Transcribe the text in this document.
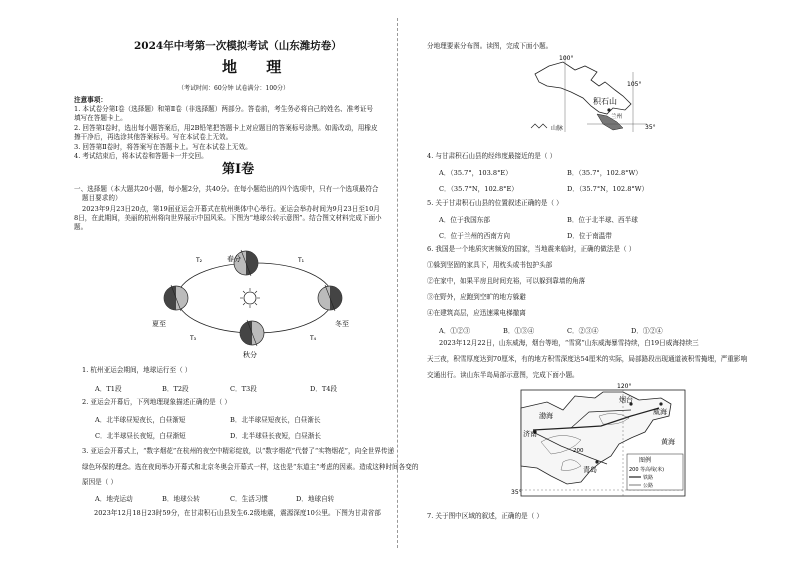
2024年中考第一次模拟考试（山东潍坊卷）
地 理
（考试时间：60分钟 试卷满分：100分）
注意事项：
1. 本试卷分第Ⅰ卷（选择题）和第Ⅱ卷（非选择题）两部分。答卷前，考生务必将自己的姓名、准考证号
填写在答题卡上。
2. 回答第Ⅰ卷时，选出每小题答案后，用2B铅笔把答题卡上对应题目的答案标号涂黑。如需改动，用橡皮
擦干净后，再选涂其他答案标号。写在本试卷上无效。
3. 回答第Ⅱ卷时，将答案写在答题卡上。写在本试卷上无效。
4. 考试结束后，将本试卷和答题卡一并交回。
第Ⅰ卷
一、选择题（本大题共20小题，每小题2分，共40分。在每小题给出的四个选项中，只有一个选项最符合
题目要求的）
2023年9月23日20点，第19届亚运会开幕式在杭州奥体中心举行。亚运会举办时间为9月23日至10月
8日，在此期间，美丽的杭州将向世界展示中国风采。下图为“地球公转示意图”。结合图文材料完成下面小
题。
春分
夏至	冬至
秋分
T₁
T₂
T₃	T₄
1. 杭州亚运会期间，地球运行至（ ）
A．T1段	B．T2段	C．T3段	D．T4段
2. 亚运会开幕后，下列地理现象描述正确的是（ ）
A．北半球昼短夜长，白昼渐短	B．北半球昼短夜长，白昼渐长
C．北半球昼长夜短，白昼渐短	D．北半球昼长夜短，白昼渐长
3. 亚运会开幕式上，“数字烟花”在杭州的夜空中精彩绽放，以“数字烟花”代替了“实物烟花”，向全世界传递
绿色环保的理念。选在夜间举办开幕式和北京冬奥会开幕式一样，这也是“东道主”考虑的因素。造成这种时间各变的
原因是（ ）
A．地壳运动	B．地球公转	C．生活习惯	D．地球自转
2023年12月18日23时59分，在甘肃积石山县发生6.2级地震，震源深度10公里。下图为甘肃省部
分地理要素分布图。读图，完成下面小题。
100°
105°
35°
兰州
积石山
山脉
4. 与甘肃积石山县的经纬度最接近的是（ ）
A．（35.7°，103.8°E）	B．（35.7°，102.8°W）
C．（35.7°N，102.8°E）	D．（35.7°N，102.8°W）
5. 关于甘肃积石山县的位置叙述正确的是（ ）
A．位于我国东部	B．位于北半球、西半球
C．位于兰州的西南方向	D．位于南温带
6. 我国是一个地质灾害频发的国家，当地震来临时，正确的做法是（ ）
①躲到坚固的家具下，用枕头或书包护头部
②在家中，如果平房且时间充裕，可以躲到靠墙的角落
③在野外，应跑到空旷的地方躲避
④在建筑高层，应迅速乘电梯撤离
A．①②③	B．①③④	C．②③④	D．①②④
2023年12月22日，山东威海，烟台等地，“雪窝”山东威海暴雪持续，白19日威海持续三
天三夜，积雪厚度达到70厘米，有的地方积雪深度达54厘米的实际，局部路段出现通道被积雪掩埋，严重影响
交通出行。读山东半岛局部示意图，完成下面小题。
120°
35°
渤海
黄海
烟台
威海
青岛
济南
200
图例
200 等高线(米)
铁路
公路
7. 关于图中区域的叙述，正确的是（ ）
